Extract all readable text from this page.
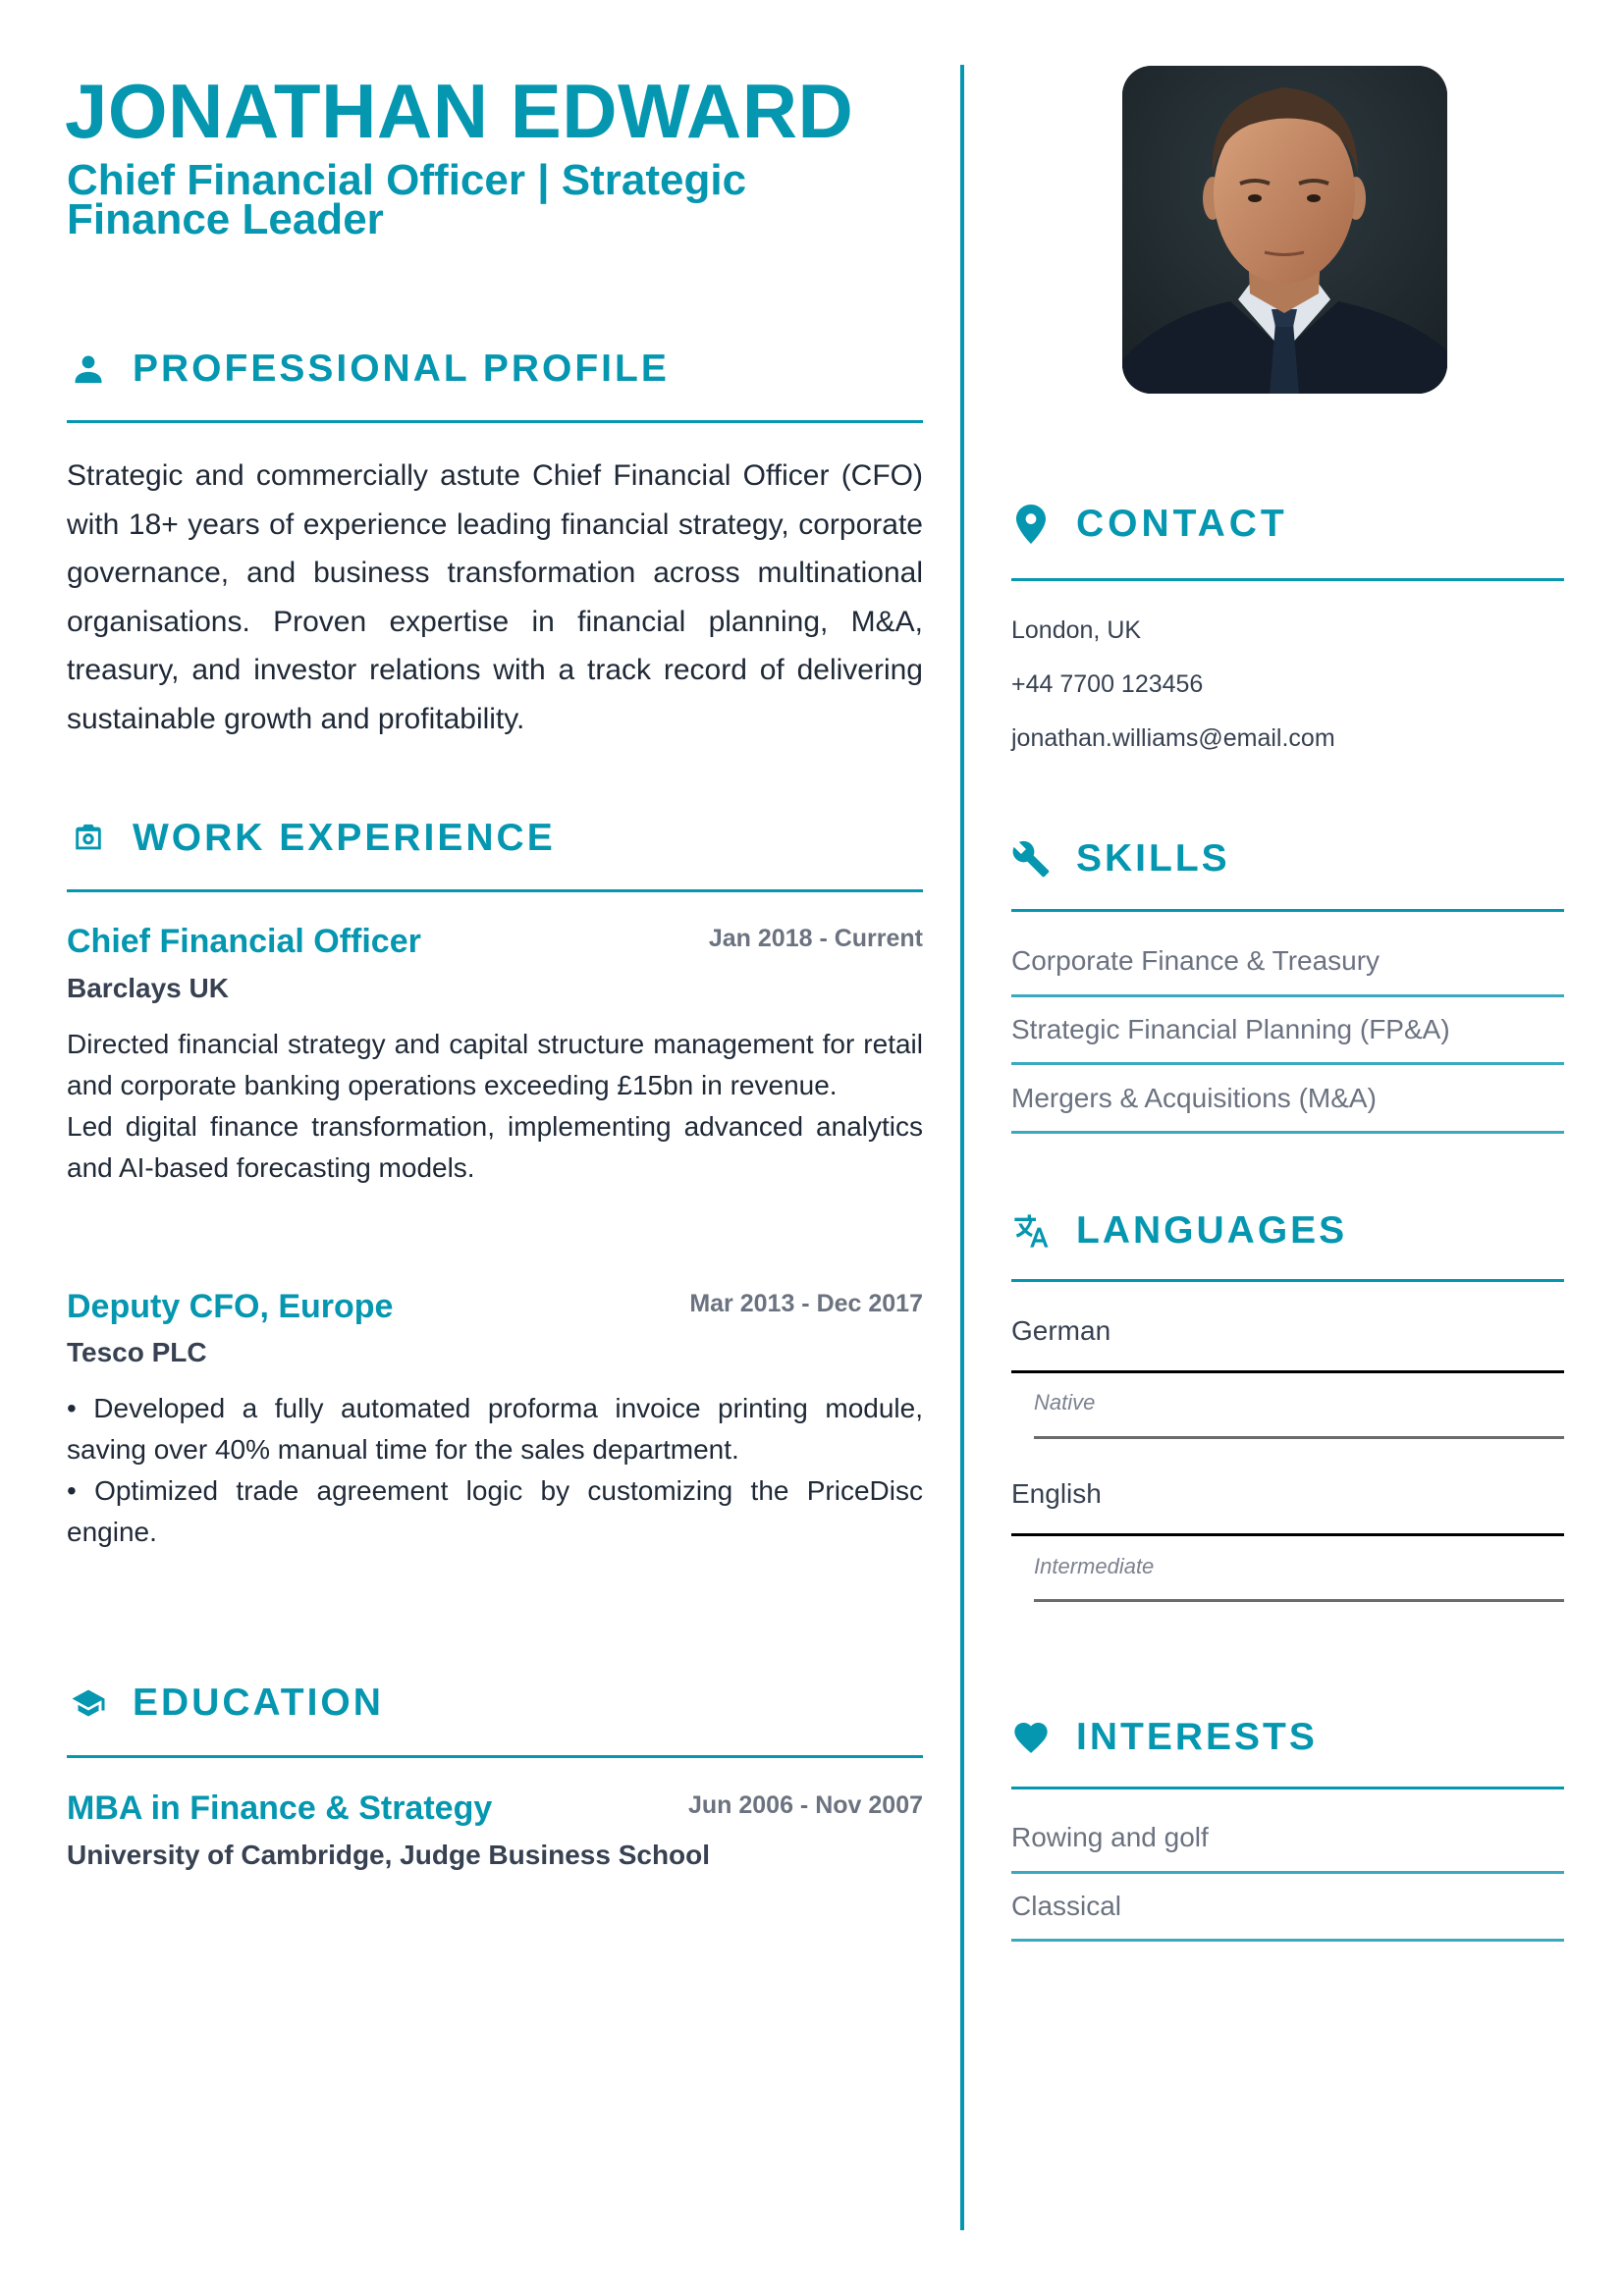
JONATHAN EDWARD
Chief Financial Officer | Strategic Finance Leader
PROFESSIONAL PROFILE
Strategic and commercially astute Chief Financial Officer (CFO) with 18+ years of experience leading financial strategy, corporate governance, and business transformation across multinational organisations. Proven expertise in financial planning, M&A, treasury, and investor relations with a track record of delivering sustainable growth and profitability.
WORK EXPERIENCE
Chief Financial Officer	Jan 2018 - Current
Barclays UK

Directed financial strategy and capital structure management for retail and corporate banking operations exceeding £15bn in revenue.

Led digital finance transformation, implementing advanced analytics and AI-based forecasting models.

Deputy CFO, Europe	Mar 2013 - Dec 2017
Tesco PLC

• Developed a fully automated proforma invoice printing module, saving over 40% manual time for the sales department.

• Optimized trade agreement logic by customizing the PriceDisc engine.

EDUCATION
MBA in Finance & Strategy	Jun 2006 - Nov 2007
University of Cambridge, Judge Business School
CONTACT
London, UK
+44 7700 123456
jonathan.williams@email.com
SKILLS
Corporate Finance & Treasury
Strategic Financial Planning (FP&A)
Mergers & Acquisitions (M&A)
LANGUAGES
German
Native
English
Intermediate
INTERESTS
Rowing and golf
Classical
